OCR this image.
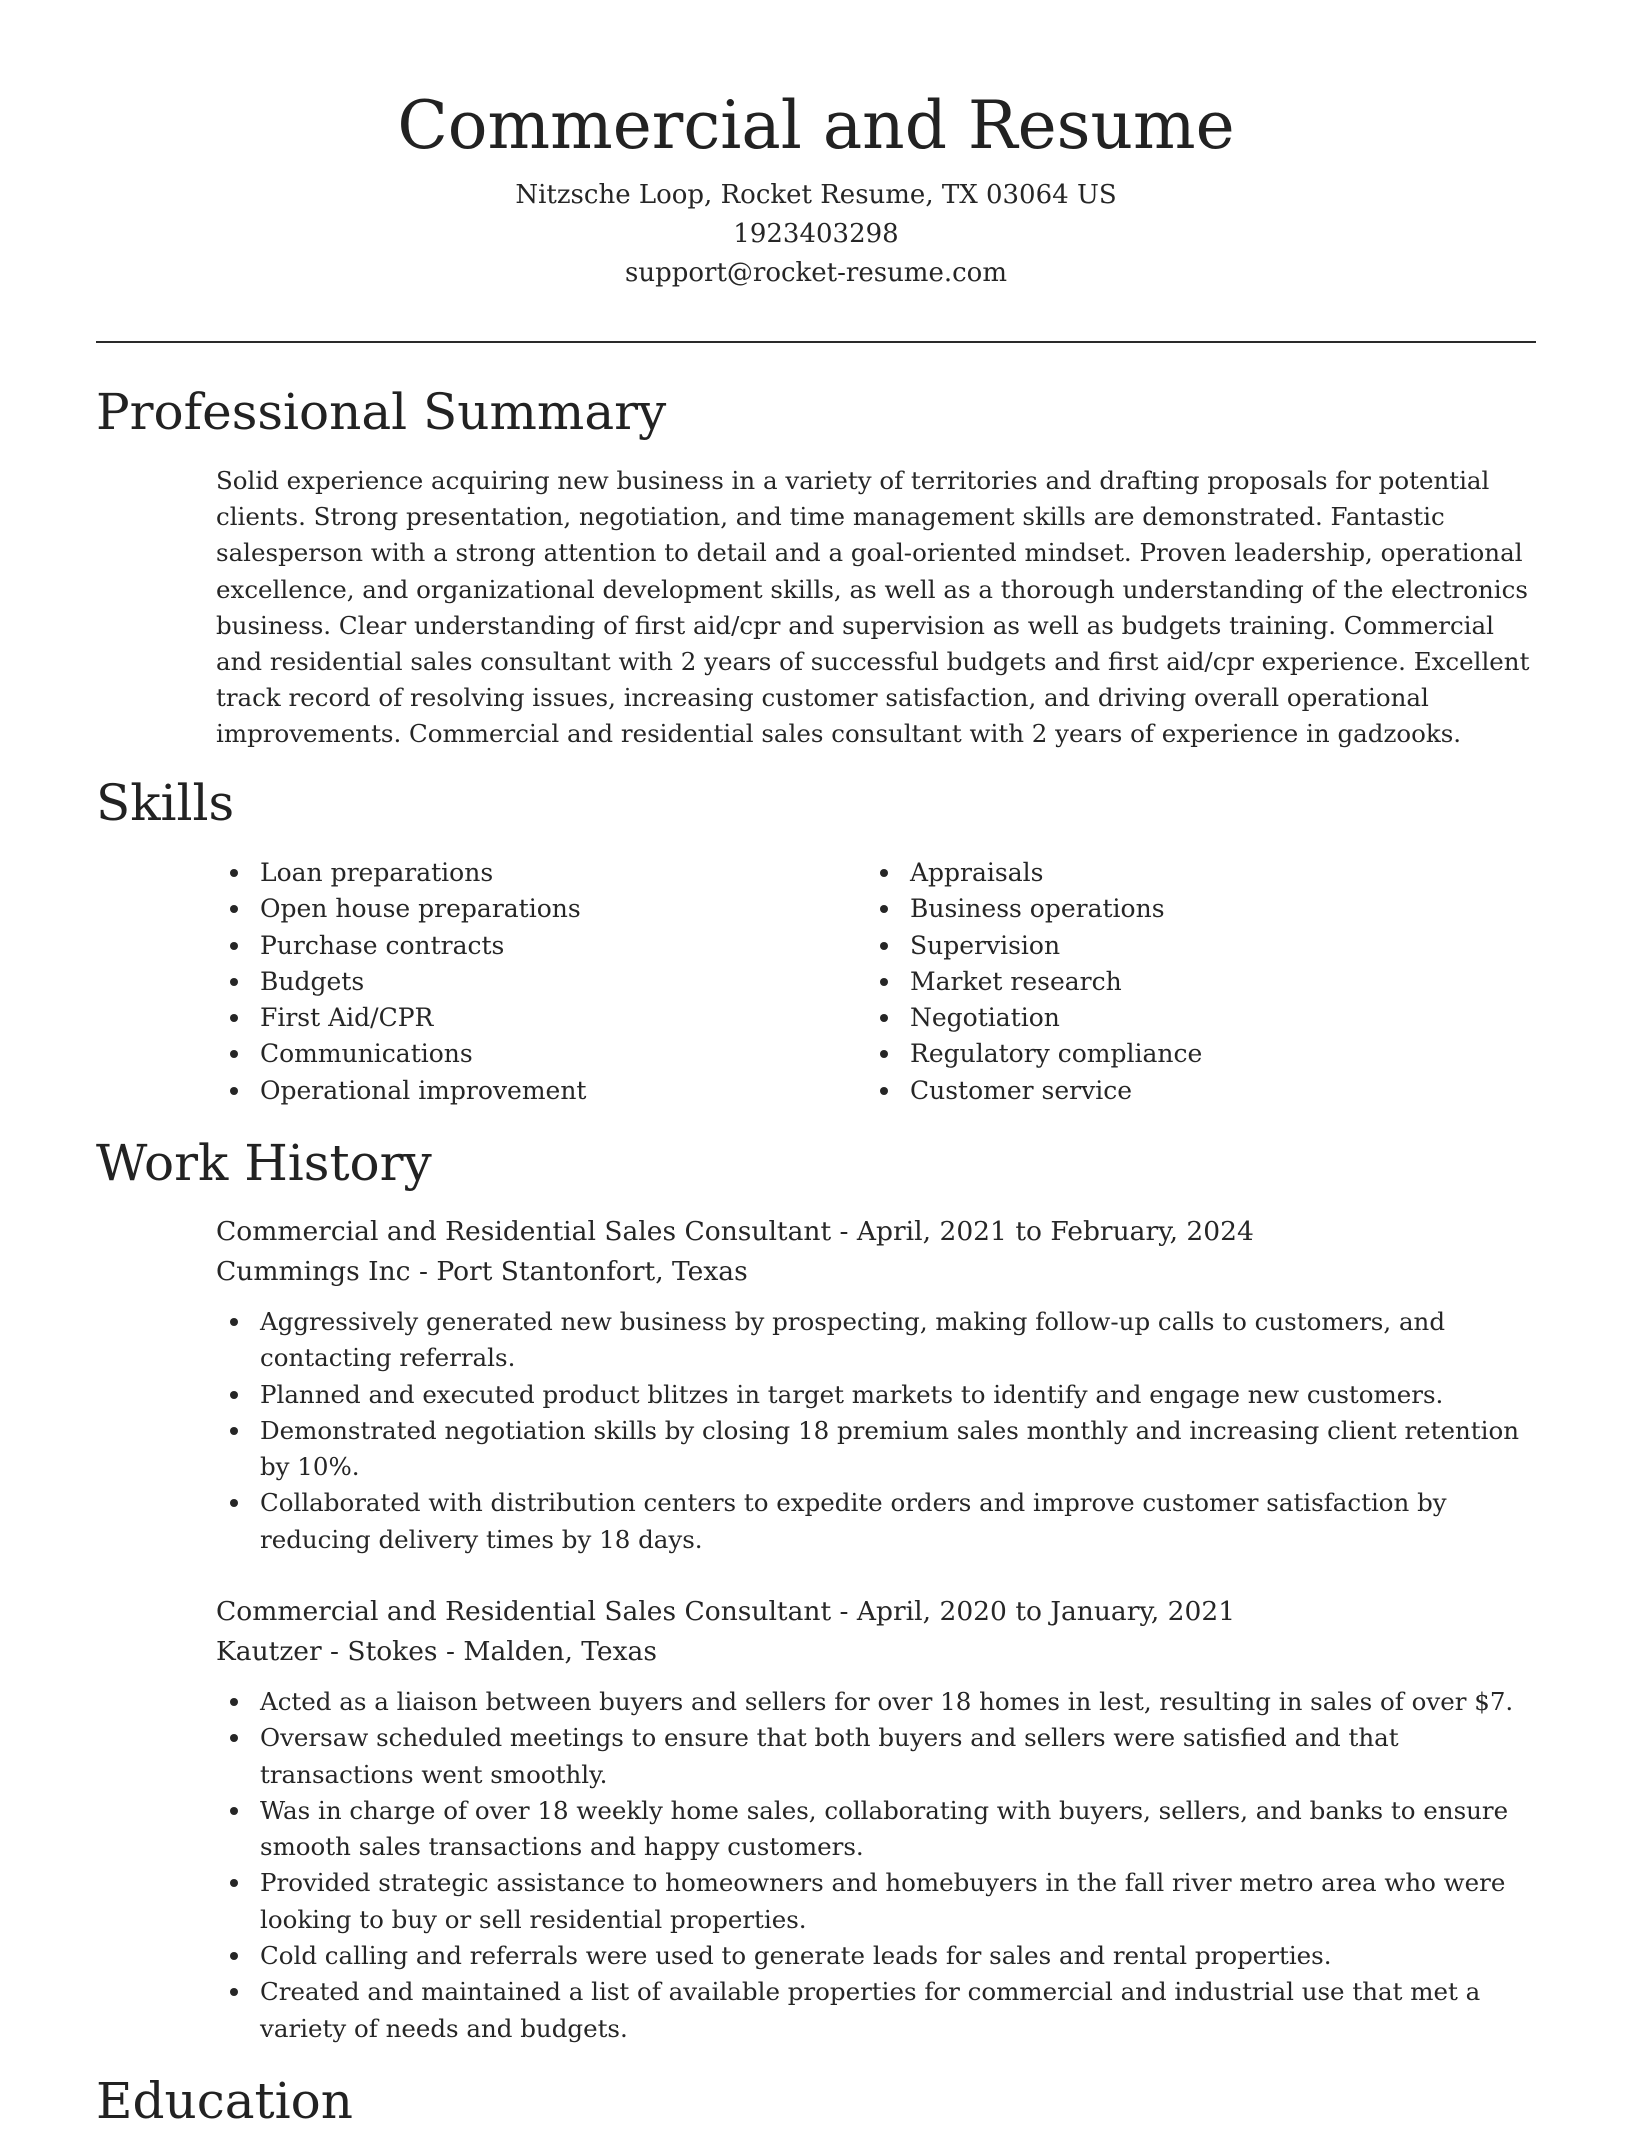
Commercial and Resume
Nitzsche Loop, Rocket Resume, TX 03064 US
1923403298
support@rocket-resume.com
Professional Summary

Solid experience acquiring new business in a variety of territories and drafting proposals for potential clients. Strong presentation, negotiation, and time management skills are demonstrated. Fantastic salesperson with a strong attention to detail and a goal-oriented mindset. Proven leadership, operational excellence, and organizational development skills, as well as a thorough understanding of the electronics business. Clear understanding of first aid/cpr and supervision as well as budgets training. Commercial and residential sales consultant with 2 years of successful budgets and first aid/cpr experience. Excellent track record of resolving issues, increasing customer satisfaction, and driving overall operational improvements. Commercial and residential sales consultant with 2 years of experience in gadzooks.

Skills
Loan preparations
Open house preparations
Purchase contracts
Budgets
First Aid/CPR
Communications
Operational improvement
Appraisals
Business operations
Supervision
Market research
Negotiation
Regulatory compliance
Customer service
Work History
Commercial and Residential Sales Consultant - April, 2021 to February, 2024
Cummings Inc - Port Stantonfort, Texas
Aggressively generated new business by prospecting, making follow-up calls to customers, and contacting referrals.
Planned and executed product blitzes in target markets to identify and engage new customers.
Demonstrated negotiation skills by closing 18 premium sales monthly and increasing client retention by 10%.
Collaborated with distribution centers to expedite orders and improve customer satisfaction by reducing delivery times by 18 days.
Commercial and Residential Sales Consultant - April, 2020 to January, 2021
Kautzer - Stokes - Malden, Texas
Acted as a liaison between buyers and sellers for over 18 homes in lest, resulting in sales of over $7.
Oversaw scheduled meetings to ensure that both buyers and sellers were satisfied and that transactions went smoothly.
Was in charge of over 18 weekly home sales, collaborating with buyers, sellers, and banks to ensure smooth sales transactions and happy customers.
Provided strategic assistance to homeowners and homebuyers in the fall river metro area who were looking to buy or sell residential properties.
Cold calling and referrals were used to generate leads for sales and rental properties.
Created and maintained a list of available properties for commercial and industrial use that met a variety of needs and budgets.
Education
